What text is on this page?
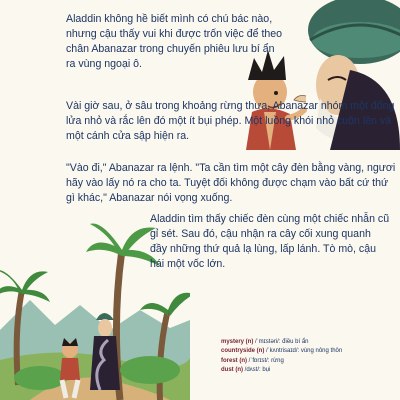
Aladdin không hề biết mình có chú bác nào, nhưng cậu thấy vui khi được trốn việc để theo chân Abanazar trong chuyến phiêu lưu bí ẩn ra vùng ngoại ô.

Vài giờ sau, ở sâu trong khoảng rừng thưa, Abanazar nhóm một đống lửa nhỏ và rắc lên đó một ít bụi phép. Một luồng khói nhỏ cuộn lên và một cánh cửa sập hiện ra.

"Vào đi," Abanazar ra lệnh. "Ta cần tìm một cây đèn bằng vàng, ngươi hãy vào lấy nó ra cho ta. Tuyệt đối không được chạm vào bất cứ thứ gì khác," Abanazar nói vọng xuống.

Aladdin tìm thấy chiếc đèn cùng một chiếc nhẫn cũ gỉ sét. Sau đó, cậu nhận ra cây cối xung quanh đầy những thứ quả lạ lùng, lấp lánh. Tò mò, cậu hái một vốc lớn.

mystery (n) /ˈmɪstəri/: điều bí ẩn
countryside (n) /ˈkʌntrisaɪd/: vùng nông thôn
forest (n) /ˈfɒrɪst/: rừng
dust (n) /dʌst/: bụi
